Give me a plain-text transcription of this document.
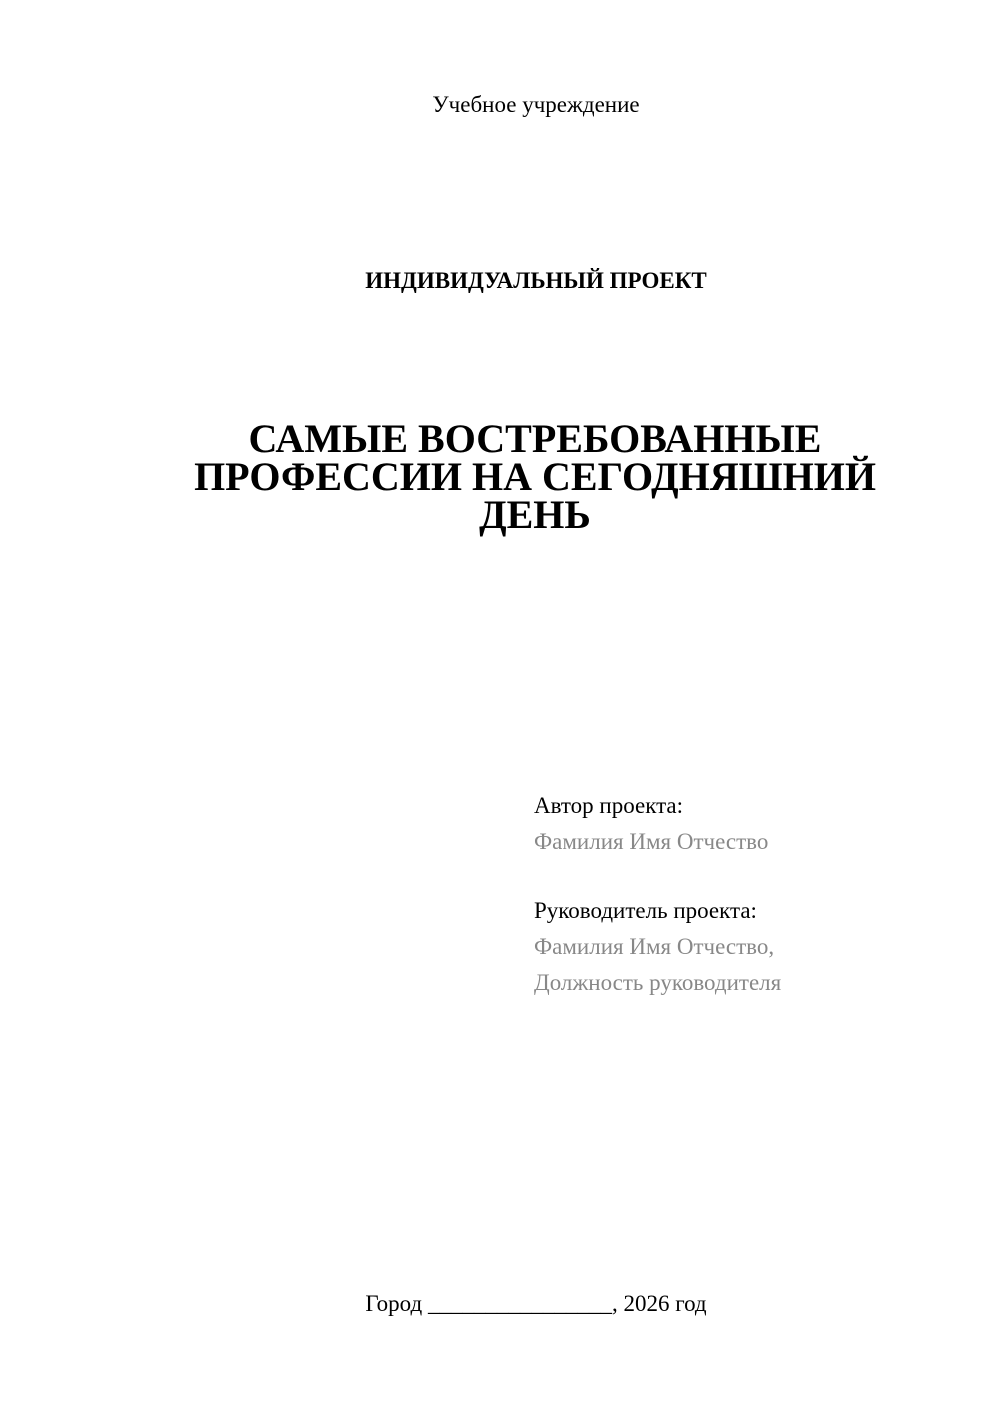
Учебное учреждение
ИНДИВИДУАЛЬНЫЙ ПРОЕКТ
САМЫЕ ВОСТРЕБОВАННЫЕ
ПРОФЕССИИ НА СЕГОДНЯШНИЙ
ДЕНЬ
Автор проекта:
Фамилия Имя Отчество
Руководитель проекта:
Фамилия Имя Отчество,
Должность руководителя
Город ________________, 2026 год
